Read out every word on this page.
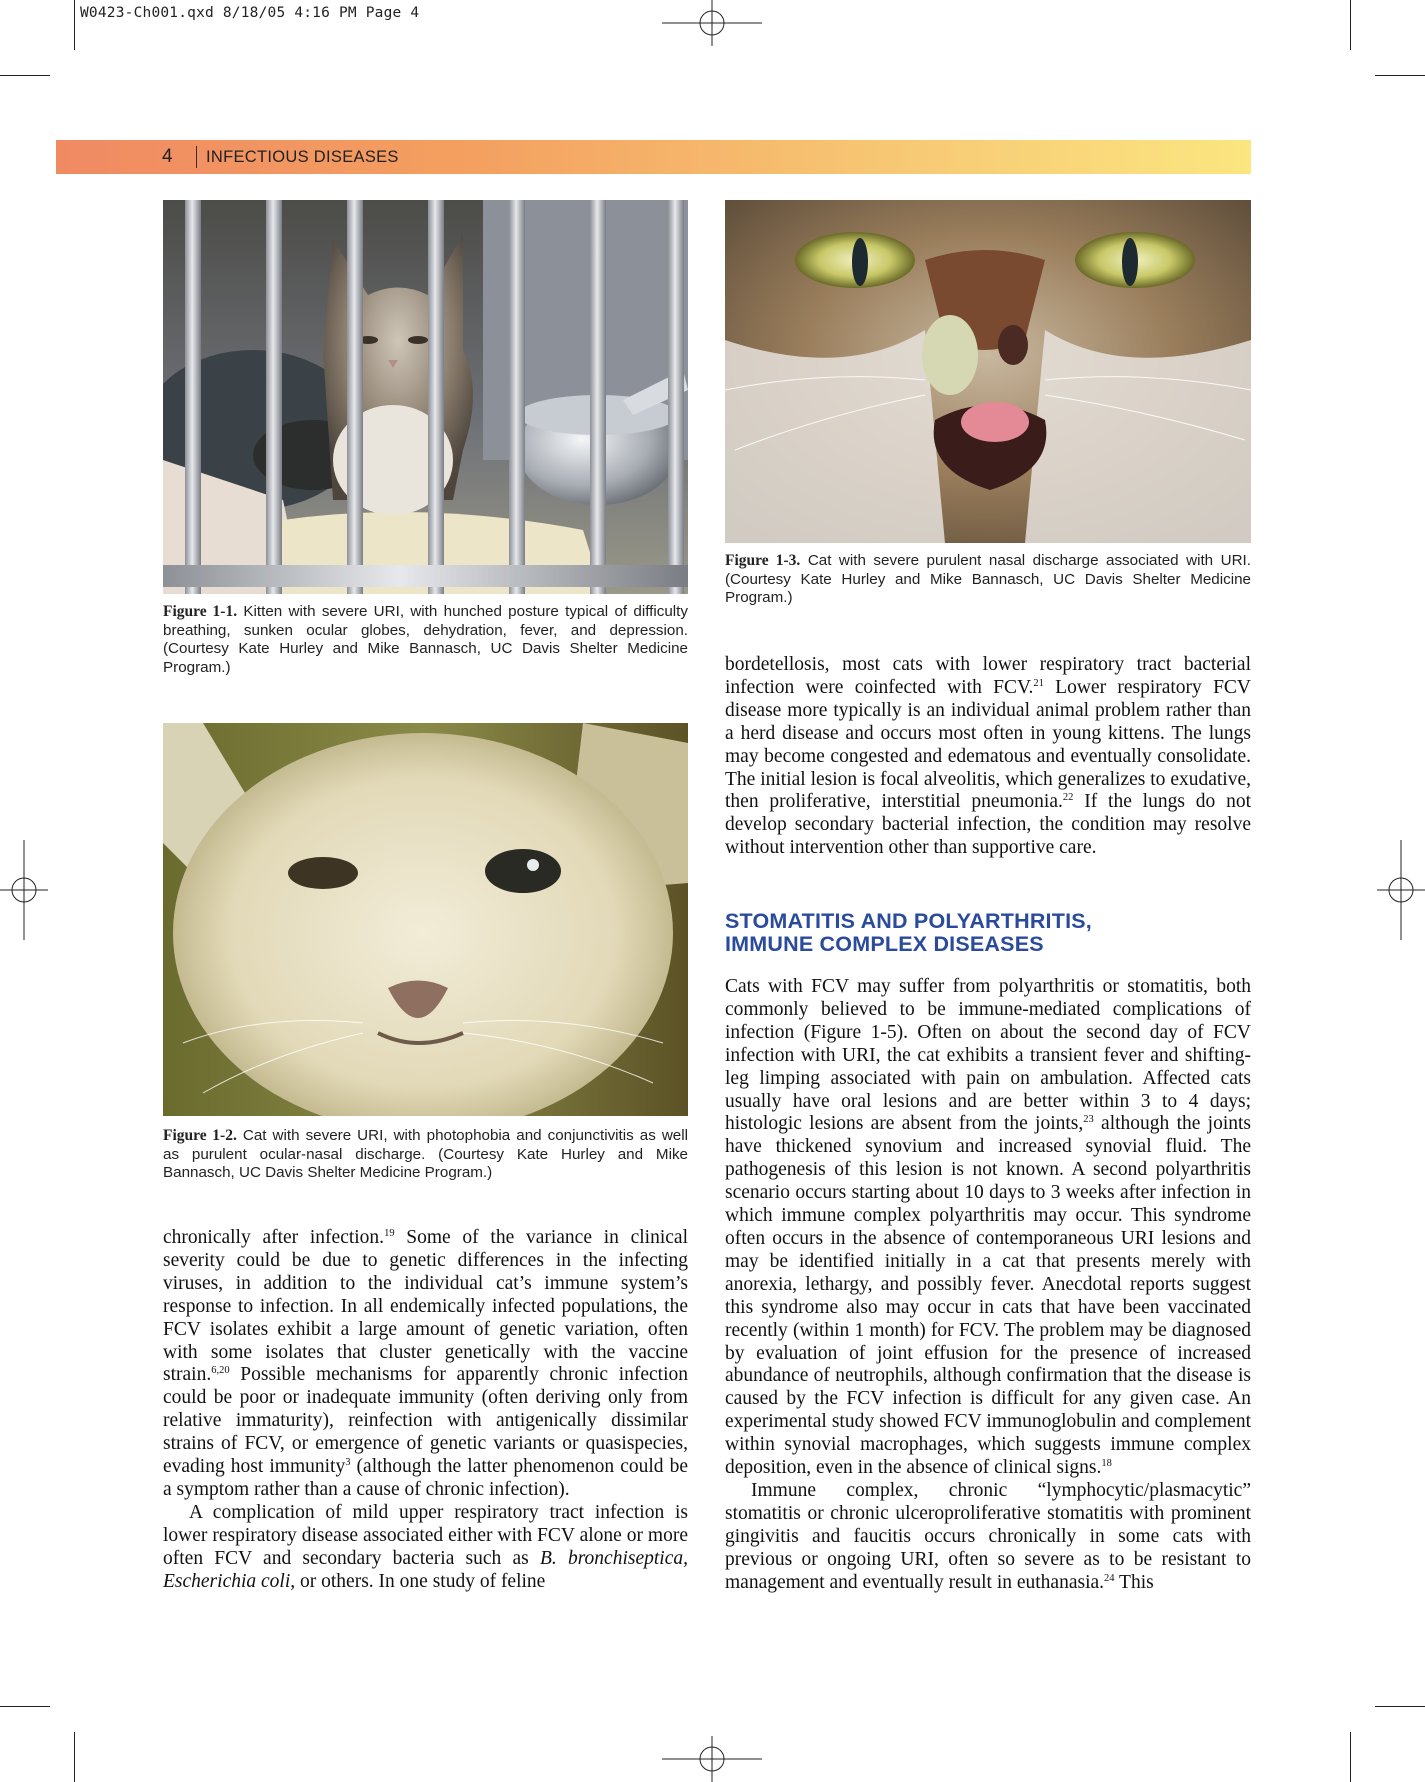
W0423-Ch001.qxd 8/18/05 4:16 PM Page 4
4 INFECTIOUS DISEASES
Figure 1-1. Kitten with severe URI, with hunched posture typical of difficulty breathing, sunken ocular globes, dehydration, fever, and depression. (Courtesy Kate Hurley and Mike Bannasch, UC Davis Shelter Medicine Program.)
Figure 1-2. Cat with severe URI, with photophobia and conjunctivitis as well as purulent ocular-nasal discharge. (Courtesy Kate Hurley and Mike Bannasch, UC Davis Shelter Medicine Program.)
Figure 1-3. Cat with severe purulent nasal discharge associated with URI. (Courtesy Kate Hurley and Mike Bannasch, UC Davis Shelter Medicine Program.)

chronically after infection.$^{19}$ Some of the variance in clinical severity could be due to genetic differences in the infecting viruses, in addition to the individual cat’s immune system’s response to infection. In all endemically infected populations, the FCV isolates exhibit a large amount of genetic variation, often with some isolates that cluster genetically with the vaccine strain.$^{6,20}$ Possible mechanisms for apparently chronic infection could be poor or inadequate immunity (often deriving only from relative immaturity), reinfection with antigenically dissimilar strains of FCV, or emergence of genetic variants or quasispecies, evading host immunity$^3$ (although the latter phenomenon could be a symptom rather than a cause of chronic infection).

A complication of mild upper respiratory tract infection is lower respiratory disease associated either with FCV alone or more often FCV and secondary bacteria such as B. bronchiseptica, Escherichia coli, or others. In one study of feline

bordetellosis, most cats with lower respiratory tract bacterial infection were coinfected with FCV.$^{21}$ Lower respiratory FCV disease more typically is an individual animal problem rather than a herd disease and occurs most often in young kittens. The lungs may become congested and edematous and eventually consolidate. The initial lesion is focal alveolitis, which generalizes to exudative, then proliferative, interstitial pneumonia.$^{22}$ If the lungs do not develop secondary bacterial infection, the condition may resolve without intervention other than supportive care.

STOMATITIS AND POLYARTHRITIS,
IMMUNE COMPLEX DISEASES

Cats with FCV may suffer from polyarthritis or stomatitis, both commonly believed to be immune-mediated complications of infection (Figure 1-5). Often on about the second day of FCV infection with URI, the cat exhibits a transient fever and shifting-leg limping associated with pain on ambulation. Affected cats usually have oral lesions and are better within 3 to 4 days; histologic lesions are absent from the joints,$^{23}$ although the joints have thickened synovium and increased synovial fluid. The pathogenesis of this lesion is not known. A second polyarthritis scenario occurs starting about 10 days to 3 weeks after infection in which immune complex polyarthritis may occur. This syndrome often occurs in the absence of contemporaneous URI lesions and may be identified initially in a cat that presents merely with anorexia, lethargy, and possibly fever. Anecdotal reports suggest this syndrome also may occur in cats that have been vaccinated recently (within 1 month) for FCV. The problem may be diagnosed by evaluation of joint effusion for the presence of increased abundance of neutrophils, although confirmation that the disease is caused by the FCV infection is difficult for any given case. An experimental study showed FCV immunoglobulin and complement within synovial macrophages, which suggests immune complex deposition, even in the absence of clinical signs.$^{18}$

Immune complex, chronic “lymphocytic/plasmacytic” stomatitis or chronic ulceroproliferative stomatitis with prominent gingivitis and faucitis occurs chronically in some cats with previous or ongoing URI, often so severe as to be resistant to management and eventually result in euthanasia.$^{24}$ This
